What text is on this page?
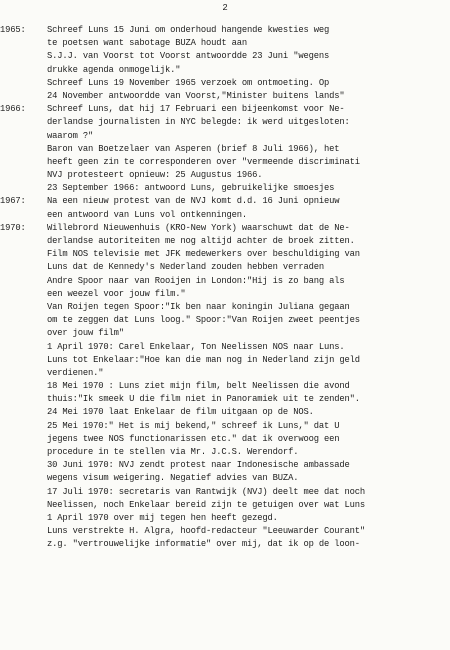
2
1965: Schreef Luns 15 Juni om onderhoud hangende kwesties weg
te poetsen want sabotage BUZA houdt aan
S.J.J. van Voorst tot Voorst antwoordde 23 Juni "wegens
drukke agenda onmogelijk."
Schreef Luns 19 November 1965 verzoek om ontmoeting. Op
24 November antwoordde van Voorst,"Minister buitens lands"
1966: Schreef Luns, dat hij 17 Februari een bijeenkomst voor Ne-
derlandse journalisten in NYC belegde: ik werd uitgesloten:
waarom ?"
Baron van Boetzelaer van Asperen (brief 8 Juli 1966), het
heeft geen zin te corresponderen over "vermeende discriminati
NVJ protesteert opnieuw: 25 Augustus 1966.
23 September 1966: antwoord Luns, gebruikelijke smoesjes
1967: Na een nieuw protest van de NVJ komt d.d. 16 Juni opnieuw
een antwoord van Luns vol ontkenningen.
1970: Willebrord Nieuwenhuis (KRO-New York) waarschuwt dat de Ne-
derlandse autoriteiten me nog altijd achter de broek zitten.
Film NOS televisie met JFK medewerkers over beschuldiging van
Luns dat de Kennedy's Nederland zouden hebben verraden
Andre Spoor naar van Rooijen in London:"Hij is zo bang als
een weezel voor jouw film."
Van Roijen tegen Spoor:"Ik ben naar koningin Juliana gegaan
om te zeggen dat Luns loog." Spoor:"Van Roijen zweet peentjes
over jouw film"
1 April 1970: Carel Enkelaar, Ton Neelissen NOS naar Luns.
Luns tot Enkelaar:"Hoe kan die man nog in Nederland zijn geld
verdienen."
18 Mei 1970 : Luns ziet mijn film, belt Neelissen die avond
thuis:"Ik smeek U die film niet in Panoramiek uit te zenden".
24 Mei 1970 laat Enkelaar de film uitgaan op de NOS.
25 Mei 1970:" Het is mij bekend," schreef ik Luns," dat U
jegens twee NOS functionarissen etc." dat ik overwoog een
procedure in te stellen via Mr. J.C.S. Werendorf.
30 Juni 1970: NVJ zendt protest naar Indonesische ambassade
wegens visum weigering. Negatief advies van BUZA.
17 Juli 1970: secretaris van Rantwijk (NVJ) deelt mee dat noch
Neelissen, noch Enkelaar bereid zijn te getuigen over wat Luns
1 April 1970 over mij tegen hen heeft gezegd.
Luns verstrekte H. Algra, hoofd-redacteur "Leeuwarder Courant"
z.g. "vertrouwelijke informatie" over mij, dat ik op de loon-
